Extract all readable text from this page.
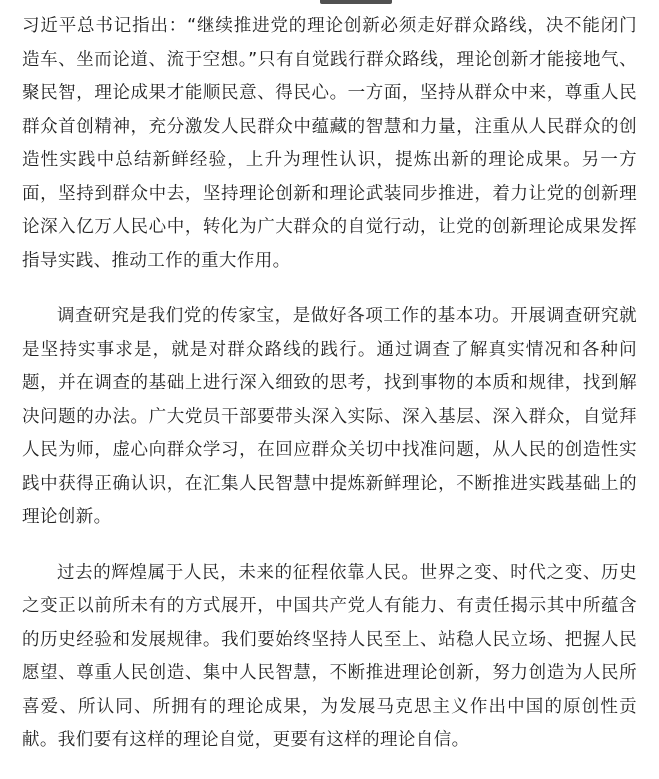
习近平总书记指出：“继续推进党的理论创新必须走好群众路线，决不能闭门造车、坐而论道、流于空想。”只有自觉践行群众路线，理论创新才能接地气、聚民智，理论成果才能顺民意、得民心。一方面，坚持从群众中来，尊重人民群众首创精神，充分激发人民群众中蕴藏的智慧和力量，注重从人民群众的创造性实践中总结新鲜经验，上升为理性认识，提炼出新的理论成果。另一方面，坚持到群众中去，坚持理论创新和理论武装同步推进，着力让党的创新理论深入亿万人民心中，转化为广大群众的自觉行动，让党的创新理论成果发挥指导实践、推动工作的重大作用。

调查研究是我们党的传家宝，是做好各项工作的基本功。开展调查研究就是坚持实事求是，就是对群众路线的践行。通过调查了解真实情况和各种问题，并在调查的基础上进行深入细致的思考，找到事物的本质和规律，找到解决问题的办法。广大党员干部要带头深入实际、深入基层、深入群众，自觉拜人民为师，虚心向群众学习，在回应群众关切中找准问题，从人民的创造性实践中获得正确认识，在汇集人民智慧中提炼新鲜理论，不断推进实践基础上的理论创新。

过去的辉煌属于人民，未来的征程依靠人民。世界之变、时代之变、历史之变正以前所未有的方式展开，中国共产党人有能力、有责任揭示其中所蕴含的历史经验和发展规律。我们要始终坚持人民至上、站稳人民立场、把握人民愿望、尊重人民创造、集中人民智慧，不断推进理论创新，努力创造为人民所喜爱、所认同、所拥有的理论成果，为发展马克思主义作出中国的原创性贡献。我们要有这样的理论自觉，更要有这样的理论自信。
